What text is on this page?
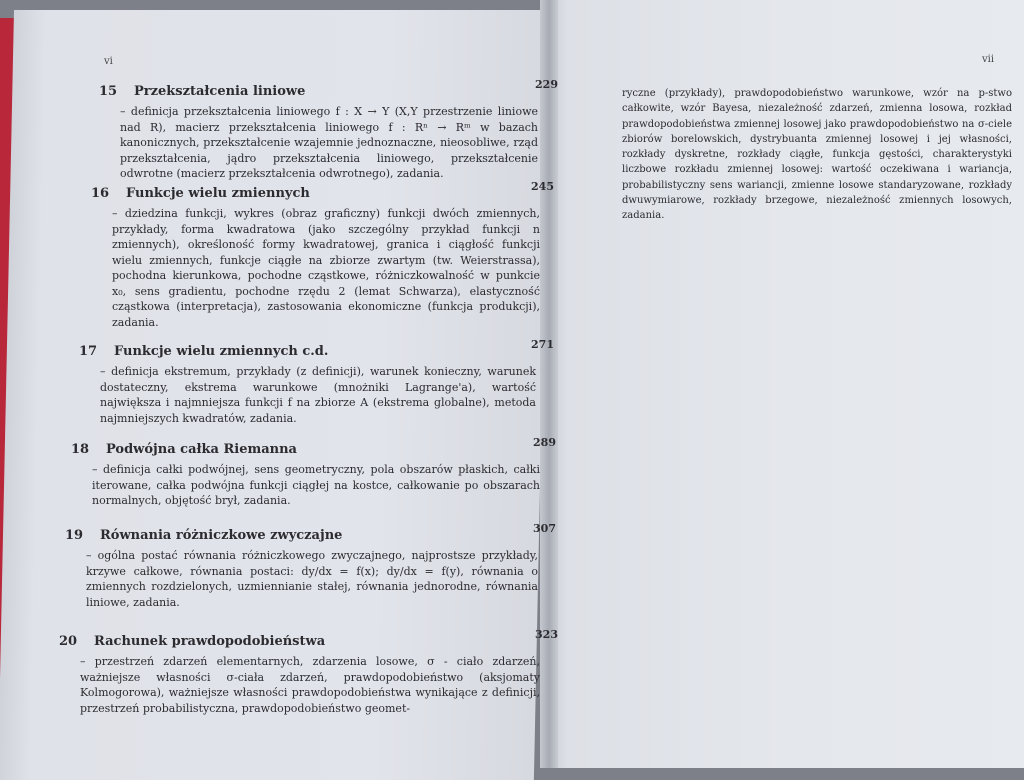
vi	vii
15 Przekształcenia liniowe	229
– definicja przekształcenia liniowego f : X → Y (X,Y przestrzenie liniowe nad R), macierz przekształcenia liniowego f : Rⁿ → Rᵐ w bazach kanonicznych, przekształcenie wzajemnie jednoznaczne, nieosobliwe, rząd przekształcenia, jądro przekształcenia liniowego, przekształcenie odwrotne (macierz przekształcenia odwrotnego), zadania.
16 Funkcje wielu zmiennych	245
– dziedzina funkcji, wykres (obraz graficzny) funkcji dwóch zmiennych, przykłady, forma kwadratowa (jako szczególny przykład funkcji n zmiennych), określoność formy kwadratowej, granica i ciągłość funkcji wielu zmiennych, funkcje ciągłe na zbiorze zwartym (tw. Weierstrassa), pochodna kierunkowa, pochodne cząstkowe, różniczkowalność w punkcie x₀, sens gradientu, pochodne rzędu 2 (lemat Schwarza), elastyczność cząstkowa (interpretacja), zastosowania ekonomiczne (funkcja produkcji), zadania.
17 Funkcje wielu zmiennych c.d.	271
– definicja ekstremum, przykłady (z definicji), warunek konieczny, warunek dostateczny, ekstrema warunkowe (mnożniki Lagrange'a), wartość największa i najmniejsza funkcji f na zbiorze A (ekstrema globalne), metoda najmniejszych kwadratów, zadania.
18 Podwójna całka Riemanna	289
– definicja całki podwójnej, sens geometryczny, pola obszarów płaskich, całki iterowane, całka podwójna funkcji ciągłej na kostce, całkowanie po obszarach normalnych, objętość brył, zadania.
19 Równania różniczkowe zwyczajne	307
– ogólna postać równania różniczkowego zwyczajnego, najprostsze przykłady, krzywe całkowe, równania postaci: dy/dx = f(x); dy/dx = f(y), równania o zmiennych rozdzielonych, uzmiennianie stałej, równania jednorodne, równania liniowe, zadania.
20 Rachunek prawdopodobieństwa	323
– przestrzeń zdarzeń elementarnych, zdarzenia losowe, σ - ciało zdarzeń, ważniejsze własności σ-ciała zdarzeń, prawdopodobieństwo (aksjomaty Kolmogorowa), ważniejsze własności prawdopodobieństwa wynikające z definicji, przestrzeń probabilistyczna, prawdopodobieństwo geomet-
ryczne (przykłady), prawdopodobieństwo warunkowe, wzór na p-stwo całkowite, wzór Bayesa, niezależność zdarzeń, zmienna losowa, rozkład prawdopodobieństwa zmiennej losowej jako prawdopodobieństwo na σ-ciele zbiorów borelowskich, dystrybuanta zmiennej losowej i jej własności, rozkłady dyskretne, rozkłady ciągłe, funkcja gęstości, charakterystyki liczbowe rozkładu zmiennej losowej: wartość oczekiwana i wariancja, probabilistyczny sens wariancji, zmienne losowe standaryzowane, rozkłady dwuwymiarowe, rozkłady brzegowe, niezależność zmiennych losowych, zadania.
